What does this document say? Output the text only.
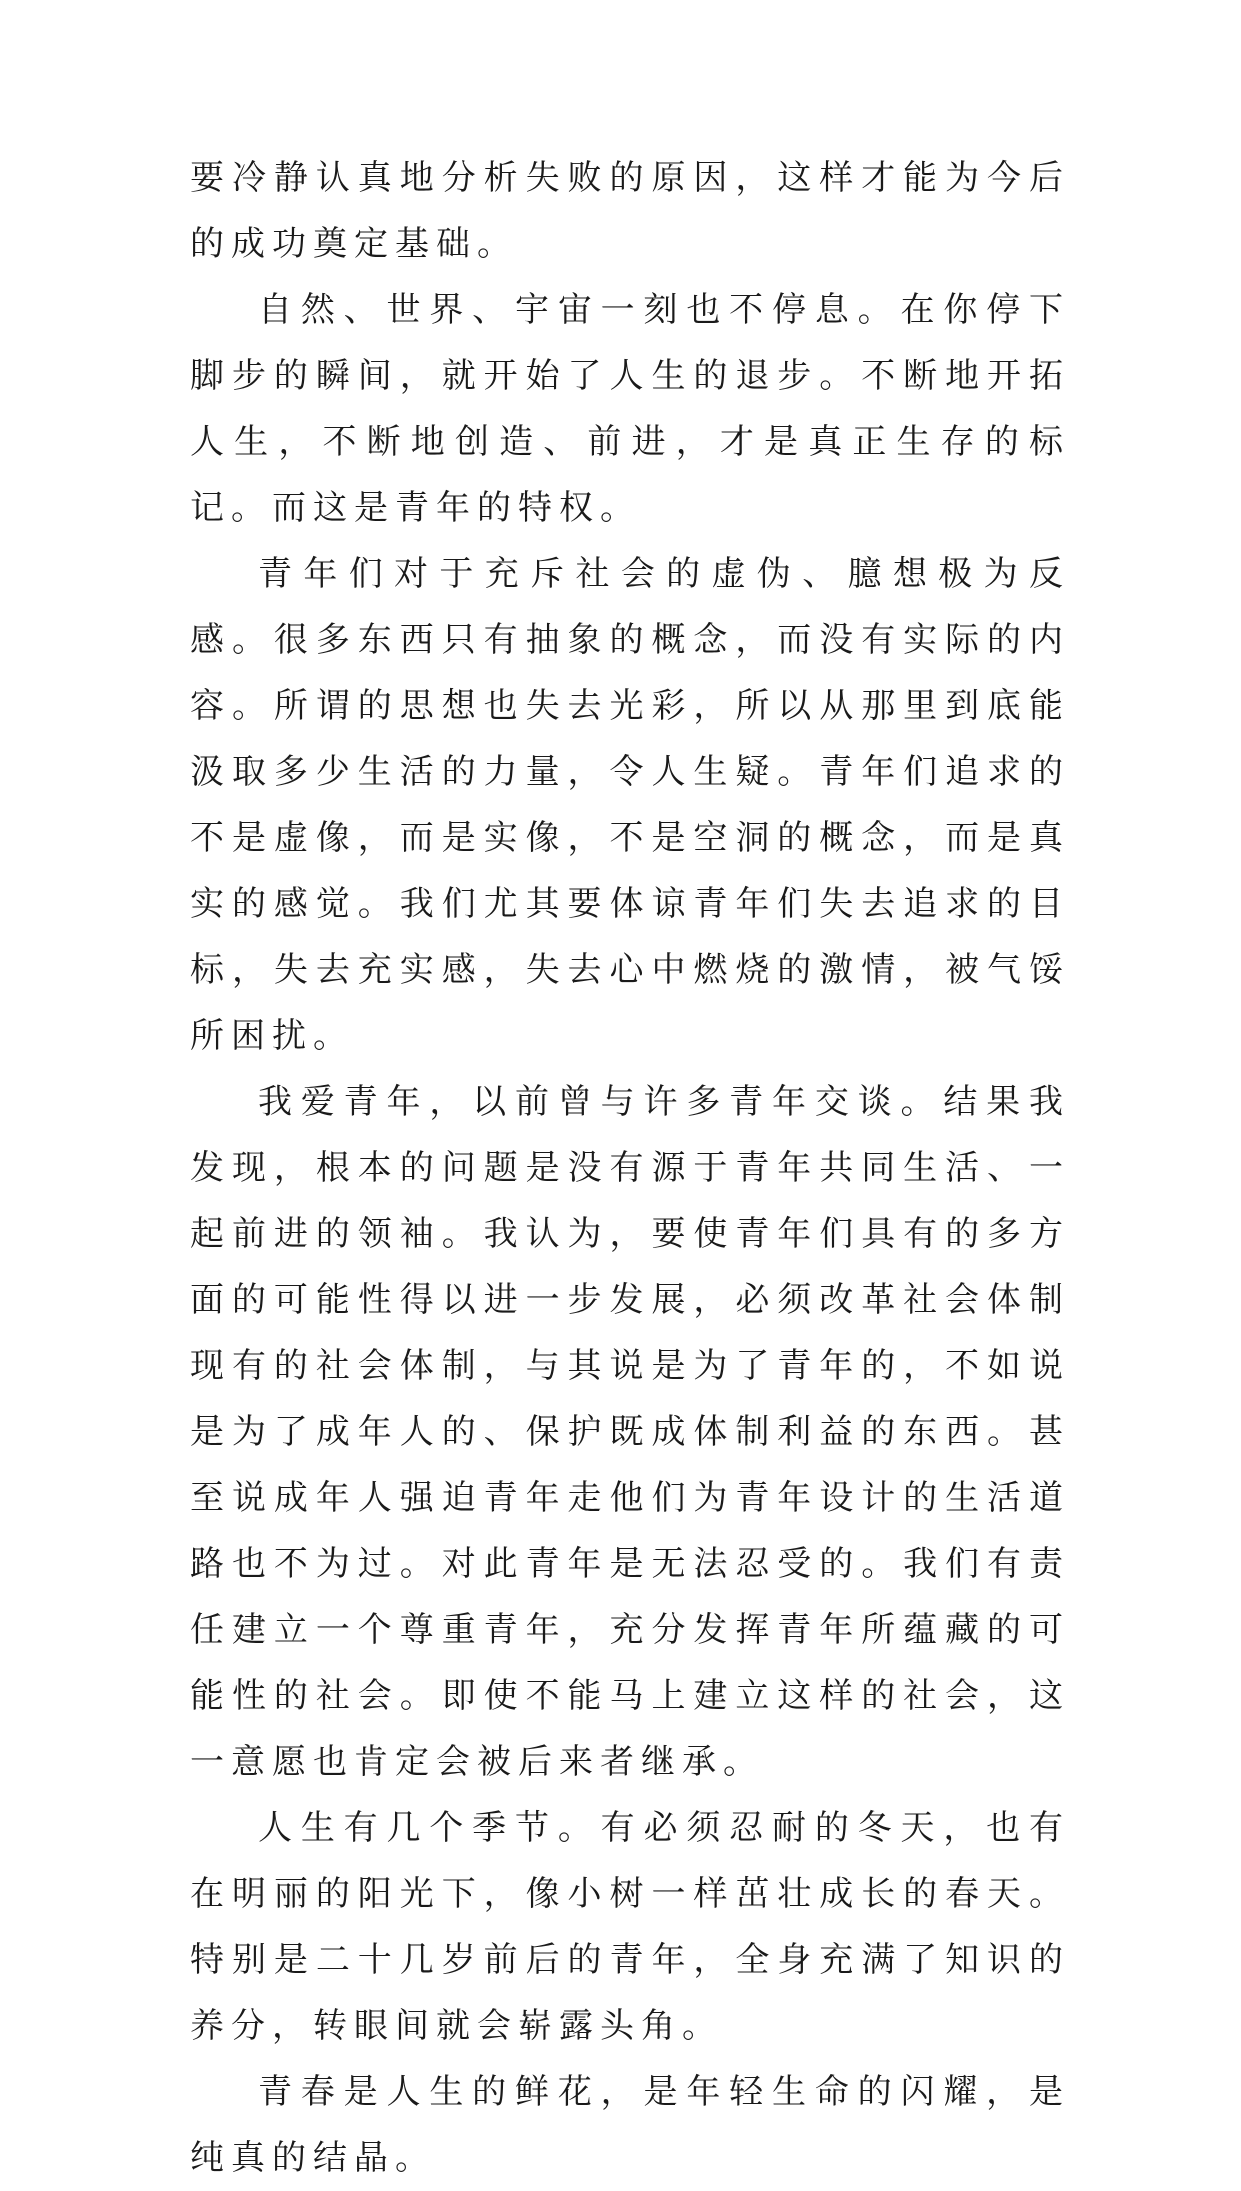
要冷静认真地分析失败的原因，这样才能为今后的成功奠定基础。

自然、世界、宇宙一刻也不停息。在你停下脚步的瞬间，就开始了人生的退步。不断地开拓人生，不断地创造、前进，才是真正生存的标记。而这是青年的特权。

青年们对于充斥社会的虚伪、臆想极为反感。很多东西只有抽象的概念，而没有实际的内容。所谓的思想也失去光彩，所以从那里到底能汲取多少生活的力量，令人生疑。青年们追求的不是虚像，而是实像，不是空洞的概念，而是真实的感觉。我们尤其要体谅青年们失去追求的目标，失去充实感，失去心中燃烧的激情，被气馁所困扰。

我爱青年，以前曾与许多青年交谈。结果我发现，根本的问题是没有源于青年共同生活、一起前进的领袖。我认为，要使青年们具有的多方面的可能性得以进一步发展，必须改革社会体制现有的社会体制，与其说是为了青年的，不如说是为了成年人的、保护既成体制利益的东西。甚至说成年人强迫青年走他们为青年设计的生活道路也不为过。对此青年是无法忍受的。我们有责任建立一个尊重青年，充分发挥青年所蕴藏的可能性的社会。即使不能马上建立这样的社会，这一意愿也肯定会被后来者继承。

人生有几个季节。有必须忍耐的冬天，也有在明丽的阳光下，像小树一样茁壮成长的春天。特别是二十几岁前后的青年，全身充满了知识的养分，转眼间就会崭露头角。

青春是人生的鲜花，是年轻生命的闪耀，是纯真的结晶。
